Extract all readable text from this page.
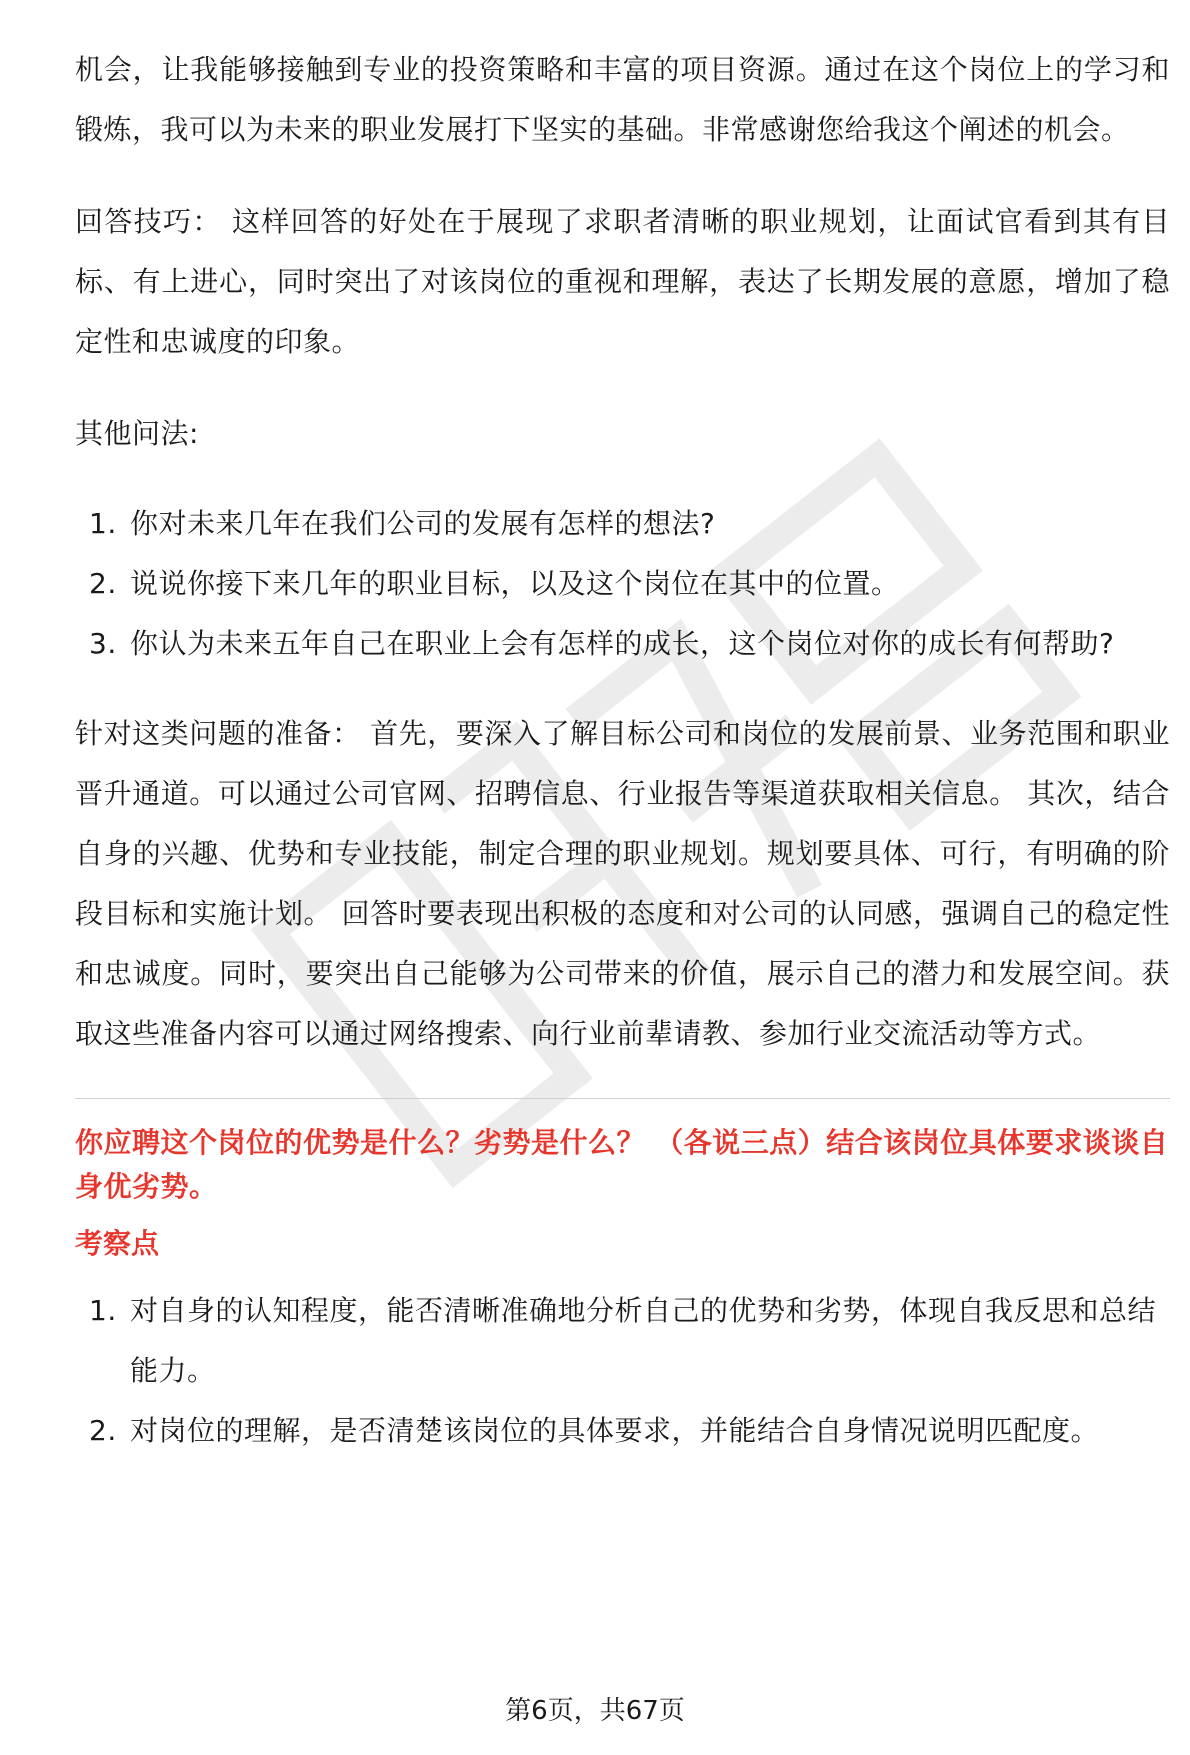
机会，让我能够接触到专业的投资策略和丰富的项目资源。通过在这个岗位上的学习和锻炼，我可以为未来的职业发展打下坚实的基础。非常感谢您给我这个阐述的机会。

回答技巧： 这样回答的好处在于展现了求职者清晰的职业规划，让面试官看到其有目标、有上进心，同时突出了对该岗位的重视和理解，表达了长期发展的意愿，增加了稳定性和忠诚度的印象。

其他问法:

1. 你对未来几年在我们公司的发展有怎样的想法?
2. 说说你接下来几年的职业目标，以及这个岗位在其中的位置。
3. 你认为未来五年自己在职业上会有怎样的成长，这个岗位对你的成长有何帮助?

针对这类问题的准备： 首先，要深入了解目标公司和岗位的发展前景、业务范围和职业晋升通道。可以通过公司官网、招聘信息、行业报告等渠道获取相关信息。 其次，结合自身的兴趣、优势和专业技能，制定合理的职业规划。规划要具体、可行，有明确的阶段目标和实施计划。 回答时要表现出积极的态度和对公司的认同感，强调自己的稳定性和忠诚度。同时，要突出自己能够为公司带来的价值，展示自己的潜力和发展空间。获取这些准备内容可以通过网络搜索、向行业前辈请教、参加行业交流活动等方式。

你应聘这个岗位的优势是什么？劣势是什么？ （各说三点）结合该岗位具体要求谈谈自身优劣势。
考察点
1. 对自身的认知程度，能否清晰准确地分析自己的优势和劣势，体现自我反思和总结能力。
2. 对岗位的理解，是否清楚该岗位的具体要求，并能结合自身情况说明匹配度。
第6页，共67页
